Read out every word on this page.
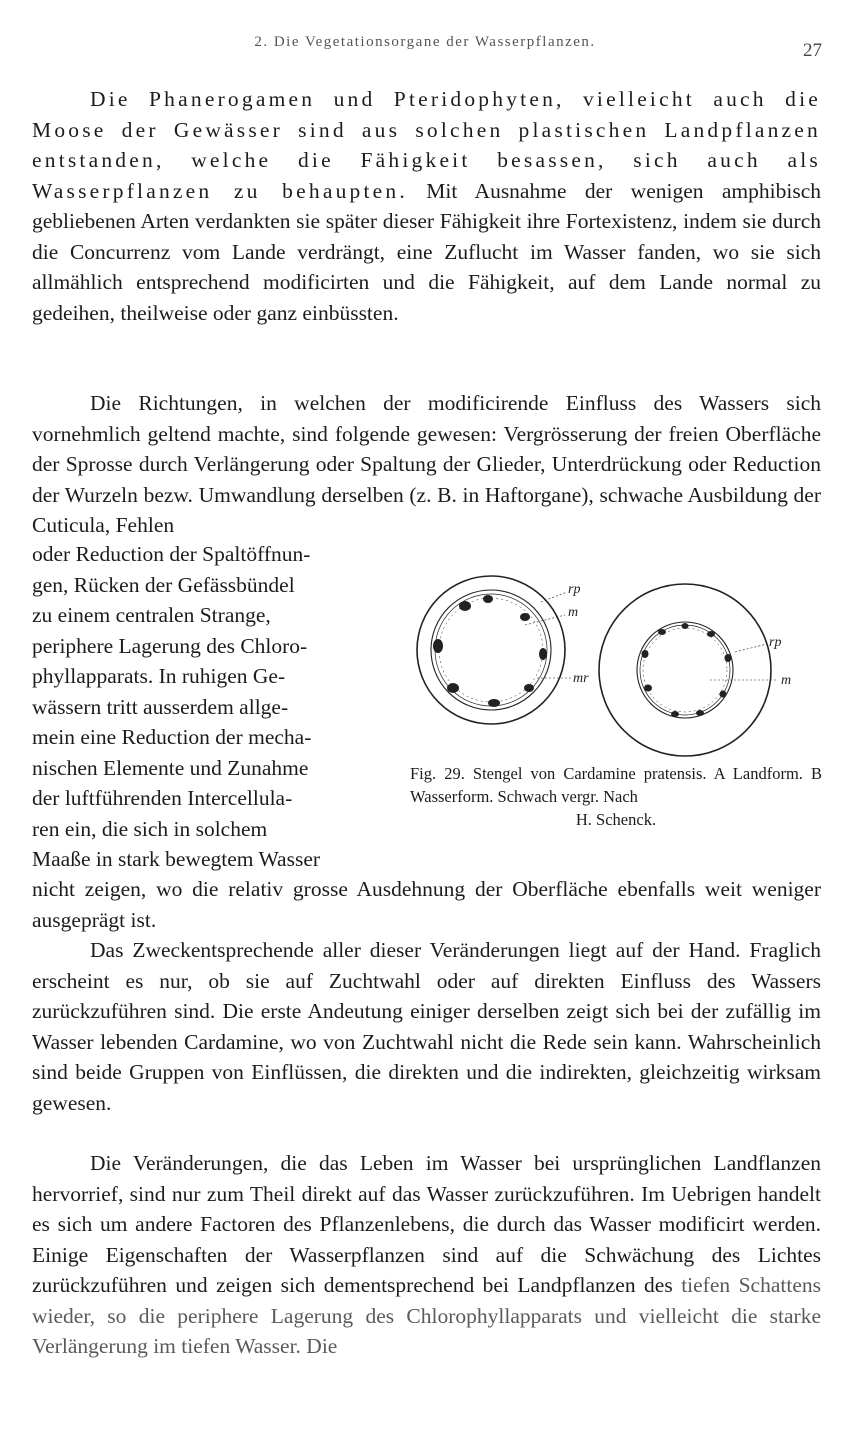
2. Die Vegetationsorgane der Wasserpflanzen.	27
Die Phanerogamen und Pteridophyten, vielleicht auch die Moose der Gewässer sind aus solchen plastischen Landpflanzen entstanden, welche die Fähigkeit besassen, sich auch als Wasserpflanzen zu behaupten. Mit Ausnahme der wenigen amphibisch gebliebenen Arten verdankten sie später dieser Fähigkeit ihre Fortexistenz, indem sie durch die Concurrenz vom Lande verdrängt, eine Zuflucht im Wasser fanden, wo sie sich allmählich entsprechend modificirten und die Fähigkeit, auf dem Lande normal zu gedeihen, theilweise oder ganz einbüssten.
Die Richtungen, in welchen der modificirende Einfluss des Wassers sich vornehmlich geltend machte, sind folgende gewesen: Vergrösserung der freien Oberfläche der Sprosse durch Verlängerung oder Spaltung der Glieder, Unterdrückung oder Reduction der Wurzeln bezw. Umwandlung derselben (z. B. in Haftorgane), schwache Ausbildung der Cuticula, Fehlen
oder Reduction der Spaltöffnun-
gen, Rücken der Gefässbündel
zu einem centralen Strange,
periphere Lagerung des Chloro-
phyllapparats. In ruhigen Ge-
wässern tritt ausserdem allge-
mein eine Reduction der mecha-
nischen Elemente und Zunahme
der luftführenden Intercellula-
ren ein, die sich in solchem
Maaße in stark bewegtem Wasser
rp
m
mr
rp
m
Fig. 29. Stengel von Cardamine pratensis. A Landform. B Wasserform. Schwach vergr. Nach
H. Schenck.
nicht zeigen, wo die relativ grosse Ausdehnung der Oberfläche ebenfalls weit weniger ausgeprägt ist.
Das Zweckentsprechende aller dieser Veränderungen liegt auf der Hand. Fraglich erscheint es nur, ob sie auf Zuchtwahl oder auf direkten Einfluss des Wassers zurückzuführen sind. Die erste Andeutung einiger derselben zeigt sich bei der zufällig im Wasser lebenden Cardamine, wo von Zuchtwahl nicht die Rede sein kann. Wahrscheinlich sind beide Gruppen von Einflüssen, die direkten und die indirekten, gleichzeitig wirksam gewesen.
Die Veränderungen, die das Leben im Wasser bei ursprünglichen Landflanzen hervorrief, sind nur zum Theil direkt auf das Wasser zurückzuführen. Im Uebrigen handelt es sich um andere Factoren des Pflanzenlebens, die durch das Wasser modificirt werden. Einige Eigenschaften der Wasserpflanzen sind auf die Schwächung des Lichtes zurückzuführen und zeigen sich dementsprechend bei Landpflanzen des tiefen Schattens wieder, so die periphere Lagerung des Chlorophyllapparats und vielleicht die starke Verlängerung im tiefen Wasser. Die
